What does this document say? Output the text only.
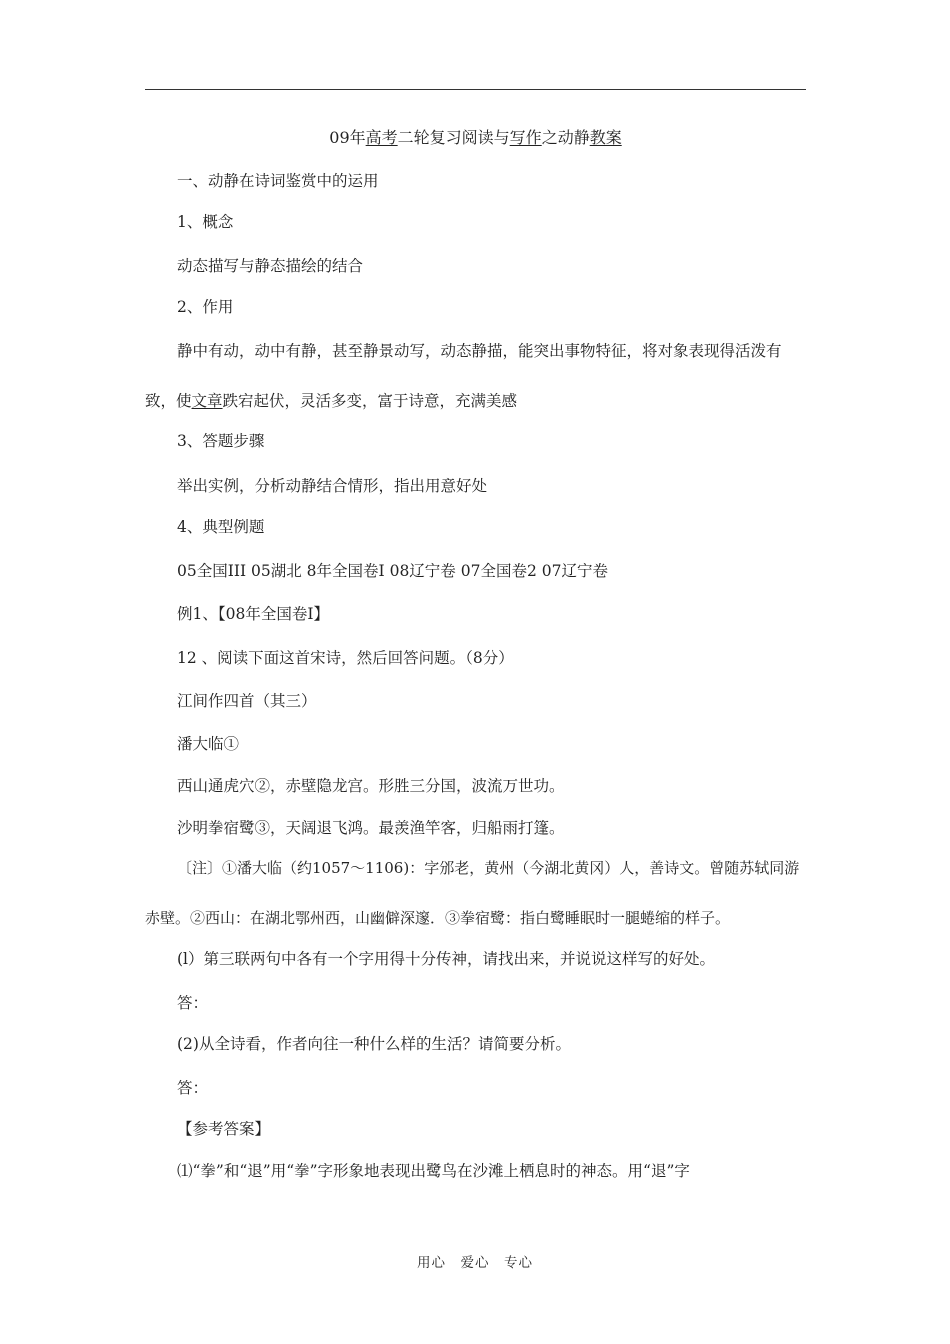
09年高考二轮复习阅读与写作之动静教案
一、动静在诗词鉴赏中的运用
1、概念
动态描写与静态描绘的结合
2、作用
静中有动，动中有静，甚至静景动写，动态静描，能突出事物特征，将对象表现得活泼有
致，使文章跌宕起伏，灵活多变，富于诗意，充满美感
3、答题步骤
举出实例，分析动静结合情形，指出用意好处
4、典型例题
05全国III 05湖北 8年全国卷Ⅰ 08辽宁卷 07全国卷2 07辽宁卷
例1、【08年全国卷Ⅰ】
12 、阅读下面这首宋诗，然后回答问题。（8分）
江间作四首（其三）
潘大临①
西山通虎穴②，赤壁隐龙宫。形胜三分国，波流万世功。
沙明拳宿鹭③，天阔退飞鸿。最羡渔竿客，归船雨打篷。
〔注〕①潘大临（约1057～1106)：字邠老，黄州（今湖北黄冈）人，善诗文。曾随苏轼同游
赤壁。②西山：在湖北鄂州西，山幽僻深邃．③拳宿鹭：指白鹭睡眠时一腿蜷缩的样子。
(l）第三联两句中各有一个字用得十分传神，请找出来，并说说这样写的好处。
答：
(2)从全诗看，作者向往一种什么样的生活？请简要分析。
答：
【参考答案】
⑴“拳”和“退”用“拳”字形象地表现出鹭鸟在沙滩上栖息时的神态。用“退”字
用心　爱心　专心
